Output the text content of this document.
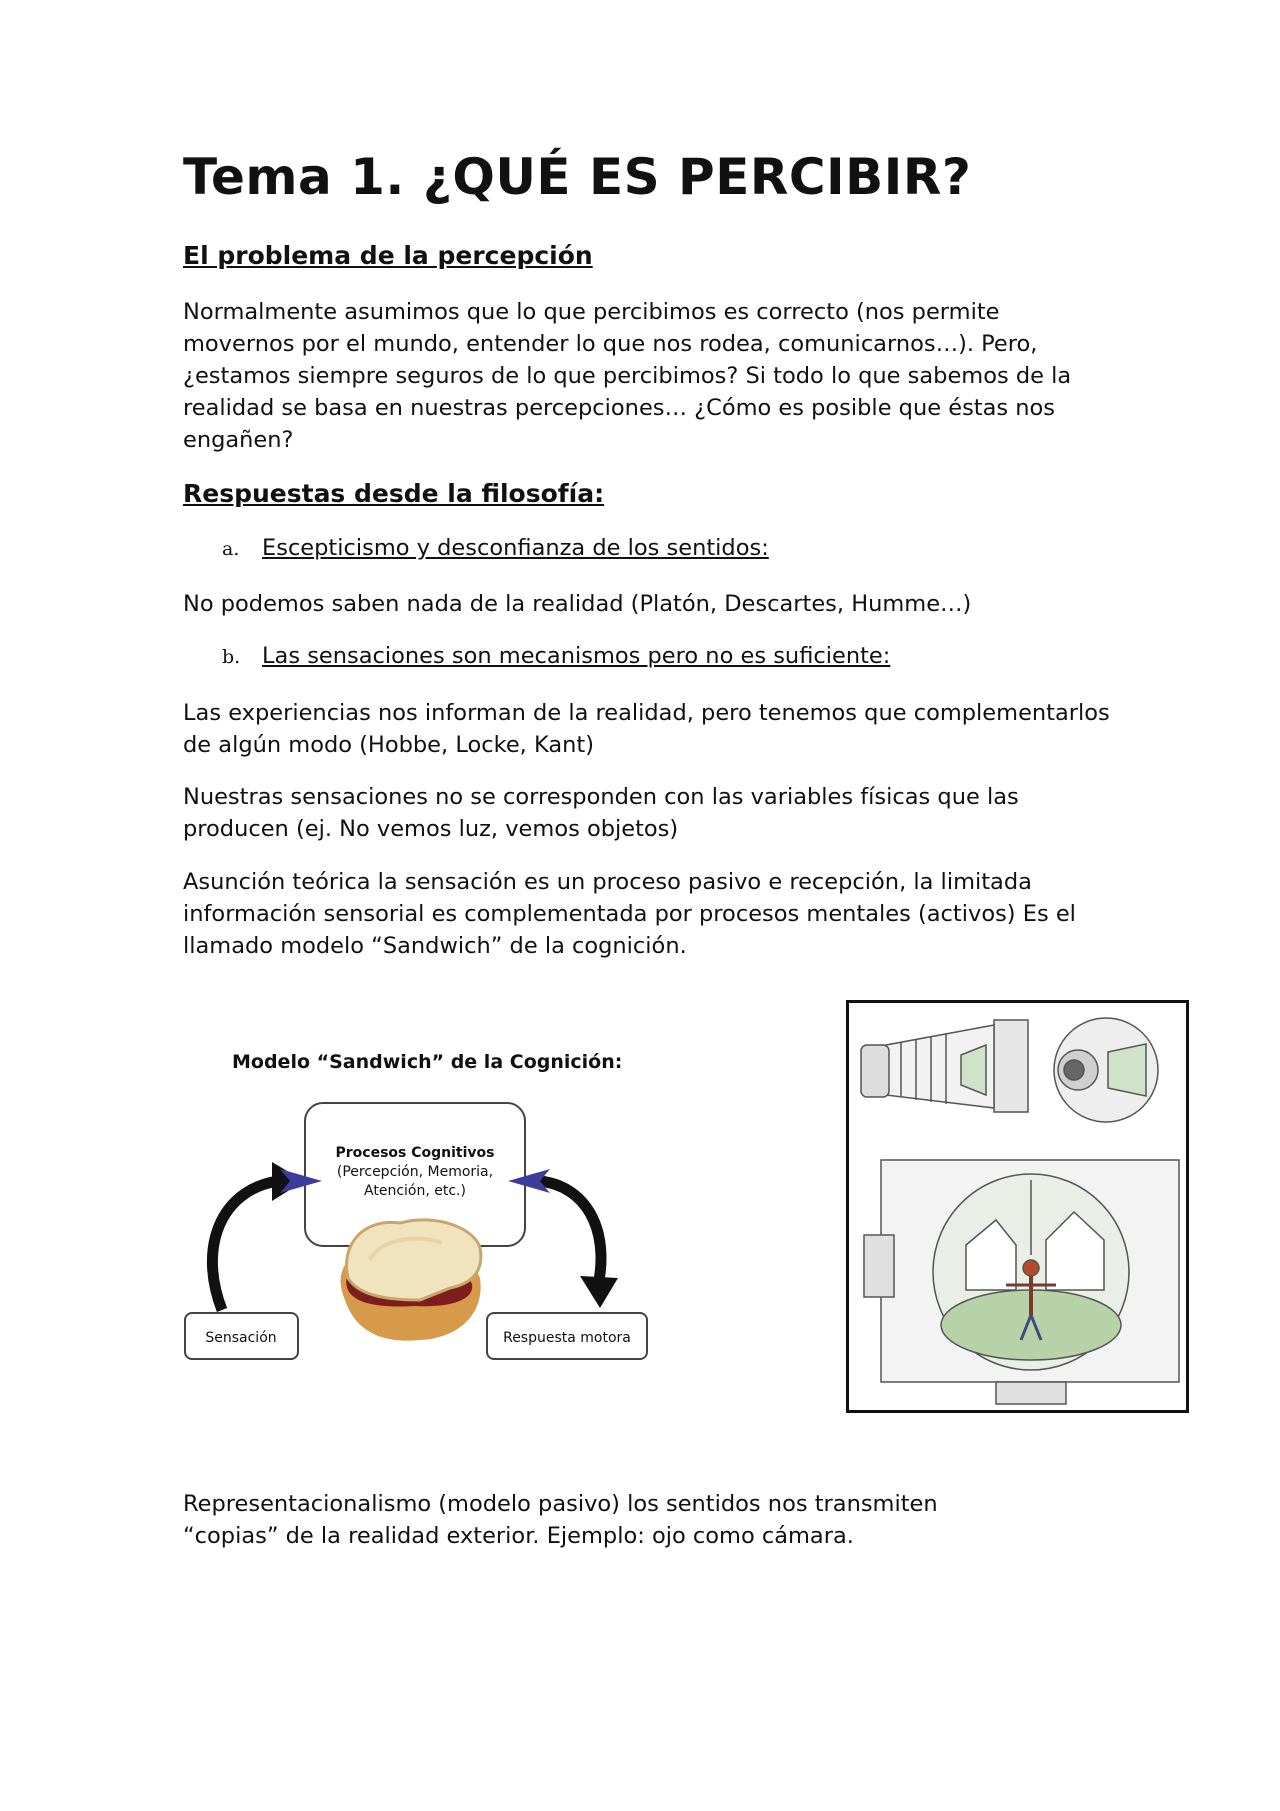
Tema 1. ¿QUÉ ES PERCIBIR?
El problema de la percepción

Normalmente asumimos que lo que percibimos es correcto (nos permite movernos por el mundo, entender lo que nos rodea, comunicarnos…). Pero, ¿estamos siempre seguros de lo que percibimos? Si todo lo que sabemos de la realidad se basa en nuestras percepciones… ¿Cómo es posible que éstas nos engañen?

Respuestas desde la filosofía:
a. Escepticismo y desconfianza de los sentidos:

No podemos saben nada de la realidad (Platón, Descartes, Humme…)

b. Las sensaciones son mecanismos pero no es suficiente:

Las experiencias nos informan de la realidad, pero tenemos que complementarlos de algún modo (Hobbe, Locke, Kant)

Nuestras sensaciones no se corresponden con las variables físicas que las producen (ej. No vemos luz, vemos objetos)

Asunción teórica la sensación es un proceso pasivo e recepción, la limitada información sensorial es complementada por procesos mentales (activos) Es el llamado modelo “Sandwich” de la cognición.

Modelo “Sandwich” de la Cognición:
Procesos Cognitivos
(Percepción, Memoria,
Atención, etc.)
Sensación	Respuesta motora

Representacionalismo (modelo pasivo) los sentidos nos transmiten

“copias” de la realidad exterior. Ejemplo: ojo como cámara.
